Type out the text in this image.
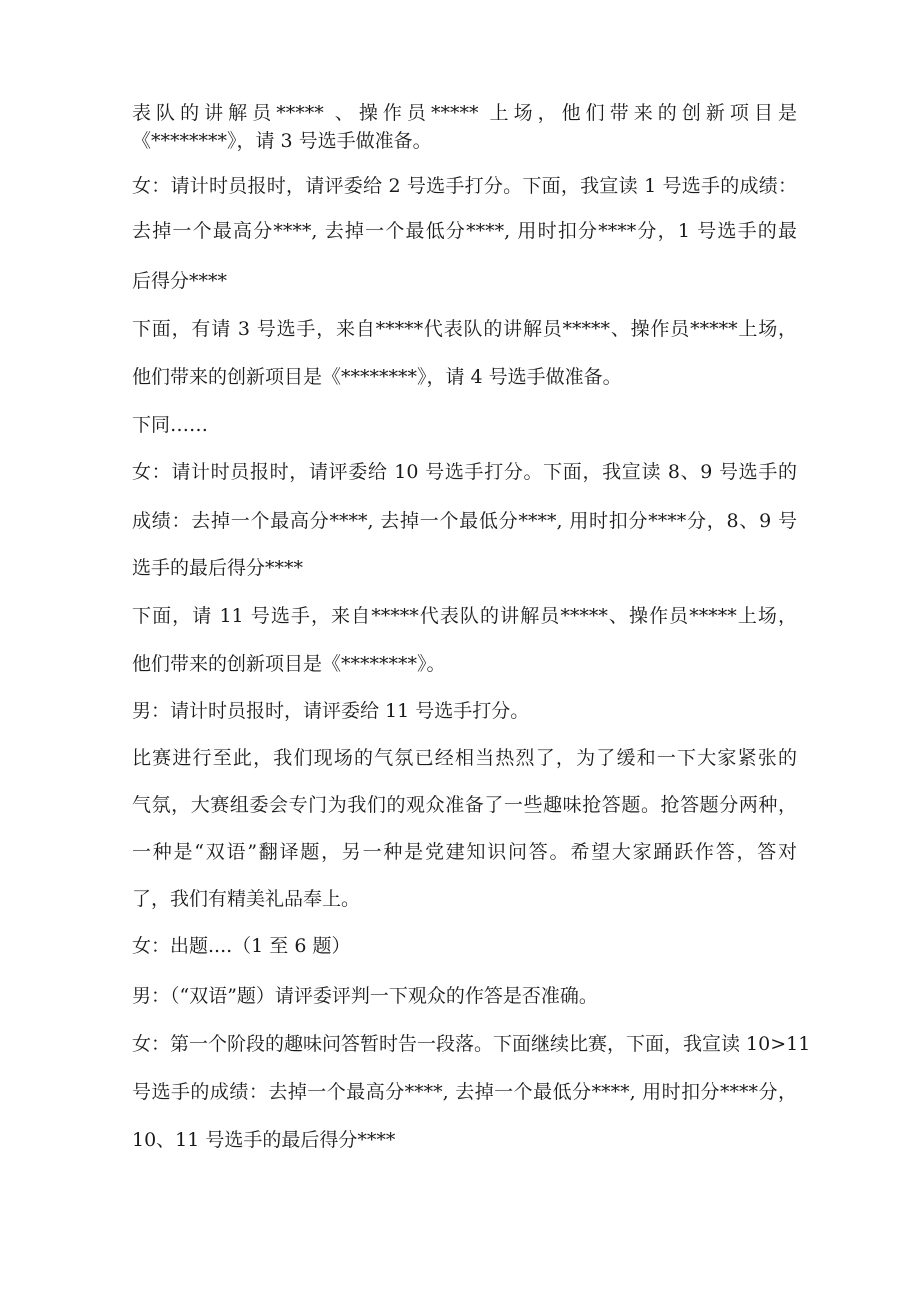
表队的讲解员***** 、操作员***** 上场，他们带来的创新项目是

《********》，请 3 号选手做准备。

女：请计时员报时，请评委给 2 号选手打分。下面，我宣读 1 号选手的成绩：

去掉一个最高分****, 去掉一个最低分****, 用时扣分****分，1 号选手的最

后得分****

下面，有请 3 号选手，来自*****代表队的讲解员*****、操作员*****上场，

他们带来的创新项目是《********》，请 4 号选手做准备。

下同……

女：请计时员报时，请评委给 10 号选手打分。下面，我宣读 8、9 号选手的

成绩：去掉一个最高分****, 去掉一个最低分****, 用时扣分****分，8、9 号

选手的最后得分****

下面，请 11 号选手，来自*****代表队的讲解员*****、操作员*****上场，

他们带来的创新项目是《********》。

男：请计时员报时，请评委给 11 号选手打分。

比赛进行至此，我们现场的气氛已经相当热烈了，为了缓和一下大家紧张的

气氛，大赛组委会专门为我们的观众准备了一些趣味抢答题。抢答题分两种，

一种是“双语”翻译题，另一种是党建知识问答。希望大家踊跃作答，答对

了，我们有精美礼品奉上。

女：出题....（1 至 6 题）

男：（“双语”题）请评委评判一下观众的作答是否准确。

女：第一个阶段的趣味问答暂时告一段落。下面继续比赛，下面，我宣读 10>11

号选手的成绩：去掉一个最高分****, 去掉一个最低分****, 用时扣分****分，

10、11 号选手的最后得分****
